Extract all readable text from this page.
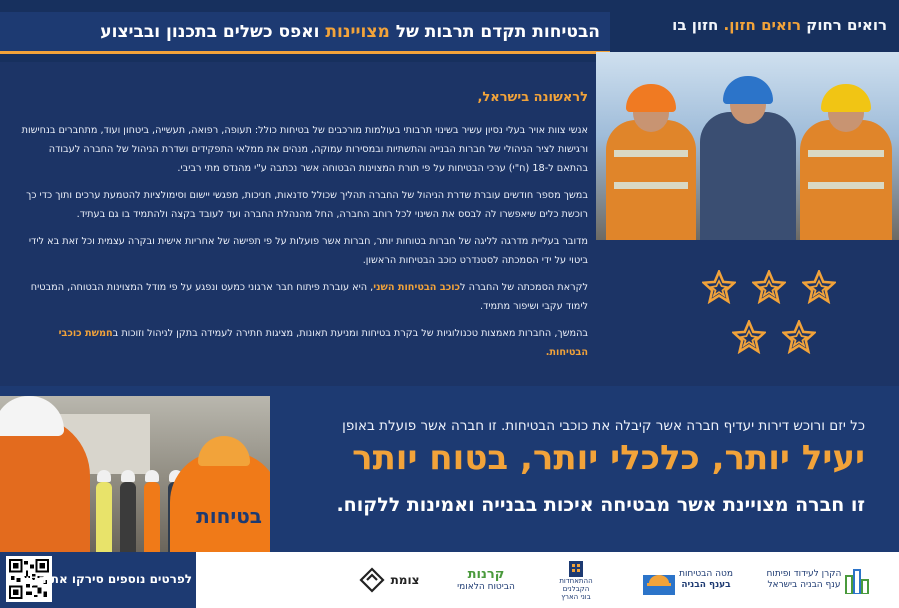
הבטיחות תקדם תרבות של מצויינות ואפס כשלים בתכנון ובביצוע	רואים רחוק רואים חזון. חזון בו
לראשונה בישראל,

אנשי צוות אויר בעלי נסיון עשיר בשינוי תרבותי בעולמות מורכבים של בטיחות כולל: תעופה, רפואה, תעשייה, ביטחון ועוד, מתחברים בנחישות ורגישות לציר הניהולי של חברות הבנייה והתשתיות ובמסירות עמוקה, מנהים את ממלאי התפקידים ושדרת הניהול של החברה לעבודה בהתאם ל-18 (ח"י) ערכי הבטיחות על פי תורת המצוינות הבטוחה אשר נכתבה ע"י מהנדס מתי רביבי.

במשך מספר חודשים עוברת שדרת הניהול של החברה תהליך שכולל סדנאות, חניכות, מפגשי יישום וסימולציות להטמעת ערכים ותוך כדי כך רוכשת כלים שיאפשרו לה לבסס את השינוי לכל רוחב החברה, החל מהנהלת החברה ועד לעובד בקצה ולהתמיד בו גם בעתיד.

מדובר בעליית מדרגה לליגה של חברות בטוחות יותר, חברות אשר פועלות על פי תפישה של אחריות אישית ובקרה עצמית וכל זאת בא לידי ביטוי על ידי הסמכתה לסטנדרט כוכב הבטיחות הראשון.

לקראת הסמכתה של החברה לכוכב הבטיחות השני, היא עוברת פיתוח חבר ארגוני כמעט ונפגע על פי מודל המצוינות הבטוחה, המבטיח לימוד עקבי ושיפור מתמיד.

בהמשך, החברות מאמצות טכנולוגיות של בקרת בטיחות ומניעת תאונות, מציגות חתירה לעמידה בתקן לניהול וזוכות בחמשת כוכבי הבטיחות.

בטיחות
כל יזם ורוכש דירות יעדיף חברה אשר קיבלה את כוכבי הבטיחות. זו חברה אשר פועלת באופן
יעיל יותר, כלכלי יותר, בטוח יותר
זו חברה מצויינת אשר מבטיחה איכות בבנייה ואמינות ללקוח.
לפרטים נוספים סירקו את הקוד	צומת	קרנות
הביטוח הלאומי
ההתאחדות
הקבלנים
בוני הארץ
מטה הבטיחות
בענף הבניה
הקרן לעידוד ופיתוח
ענף הבניה בישראל
